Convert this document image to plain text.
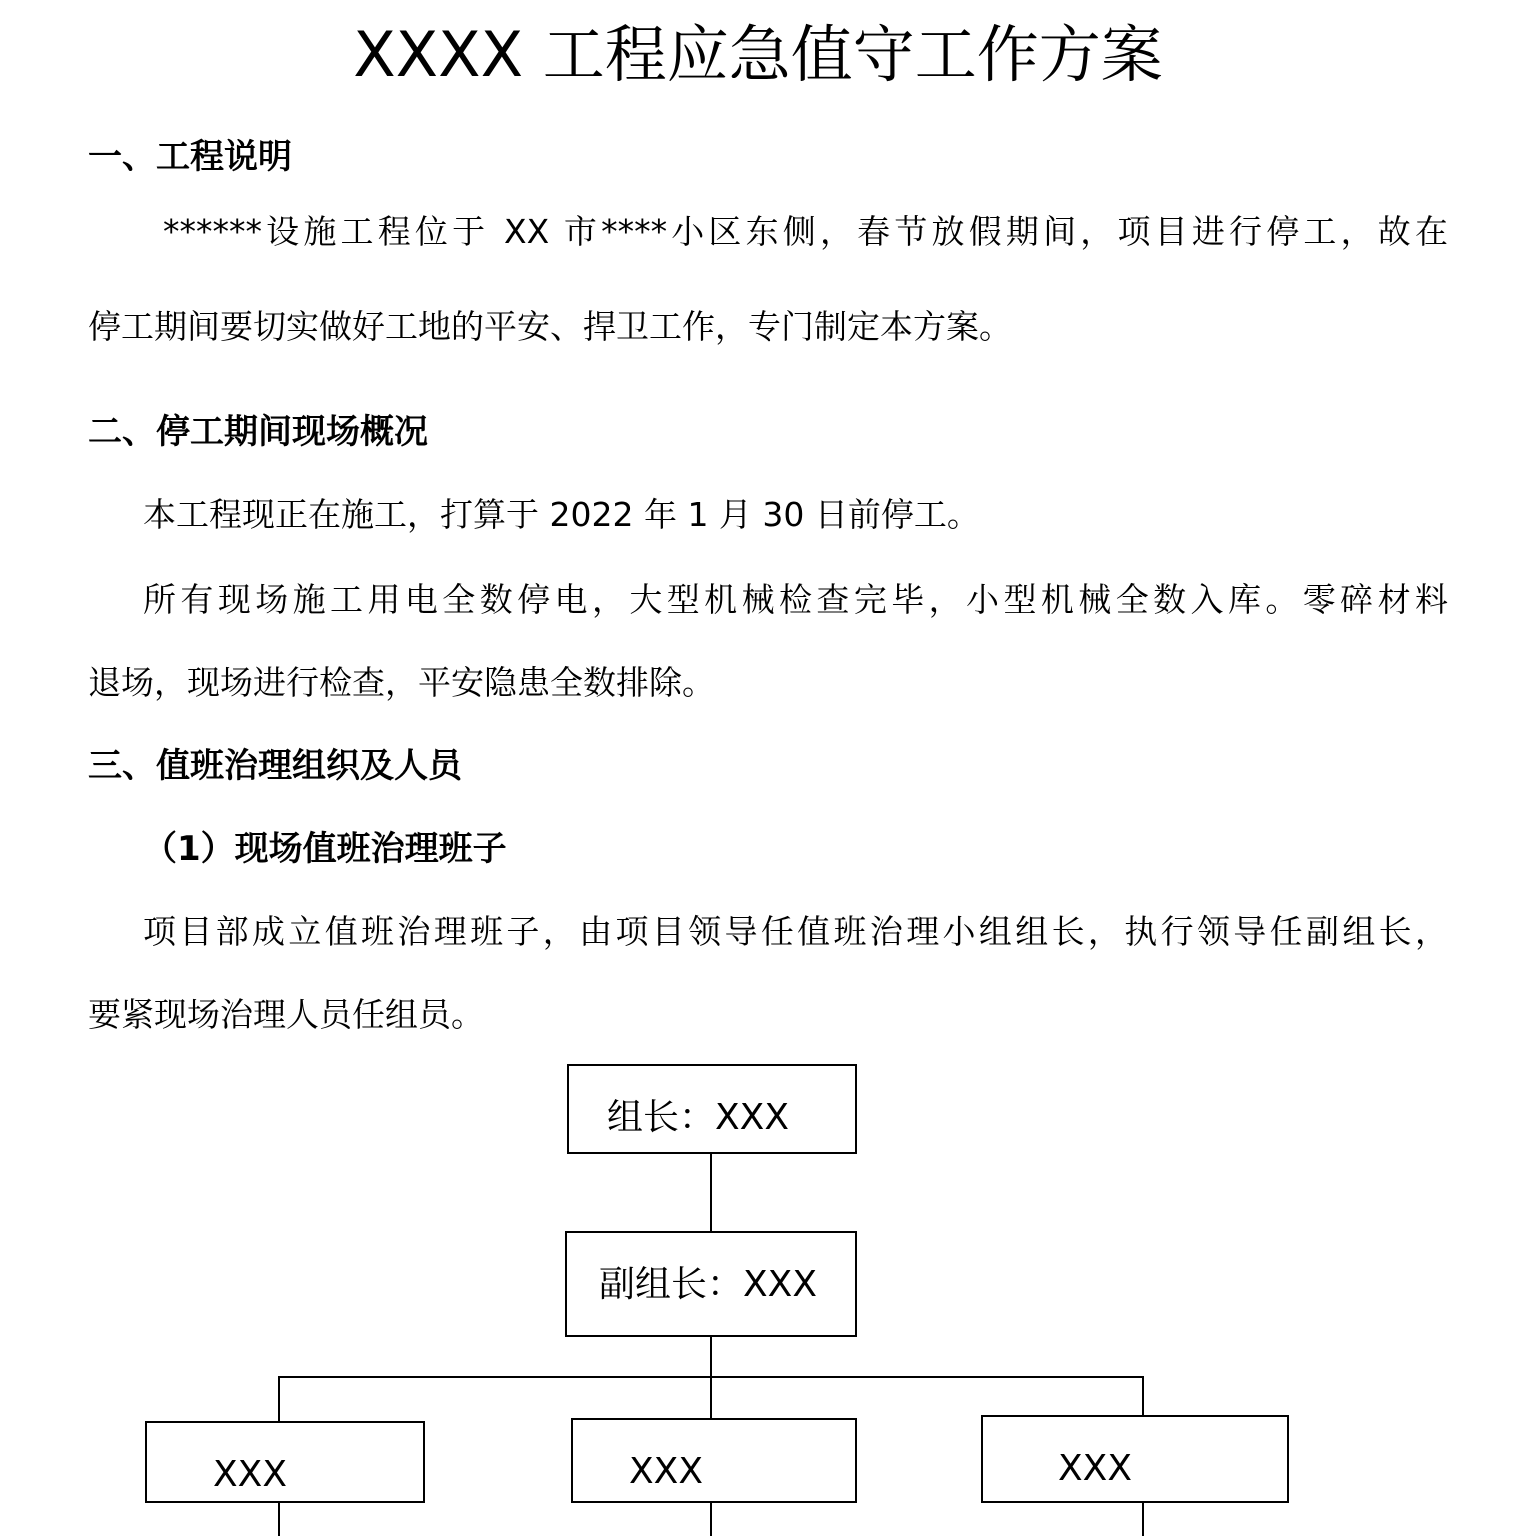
XXXX 工程应急值守工作方案
一、工程说明
******设施工程位于 XX 市****小区东侧，春节放假期间，项目进行停工，故在
停工期间要切实做好工地的平安、捍卫工作，专门制定本方案。
二、停工期间现场概况
本工程现正在施工，打算于 2022 年 1 月 30 日前停工。
所有现场施工用电全数停电，大型机械检查完毕，小型机械全数入库。零碎材料
退场，现场进行检查，平安隐患全数排除。
三、值班治理组织及人员
（1）现场值班治理班子
项目部成立值班治理班子，由项目领导任值班治理小组组长，执行领导任副组长，
要紧现场治理人员任组员。
组长：XXX
副组长：XXX
XXX	XXX	XXX
